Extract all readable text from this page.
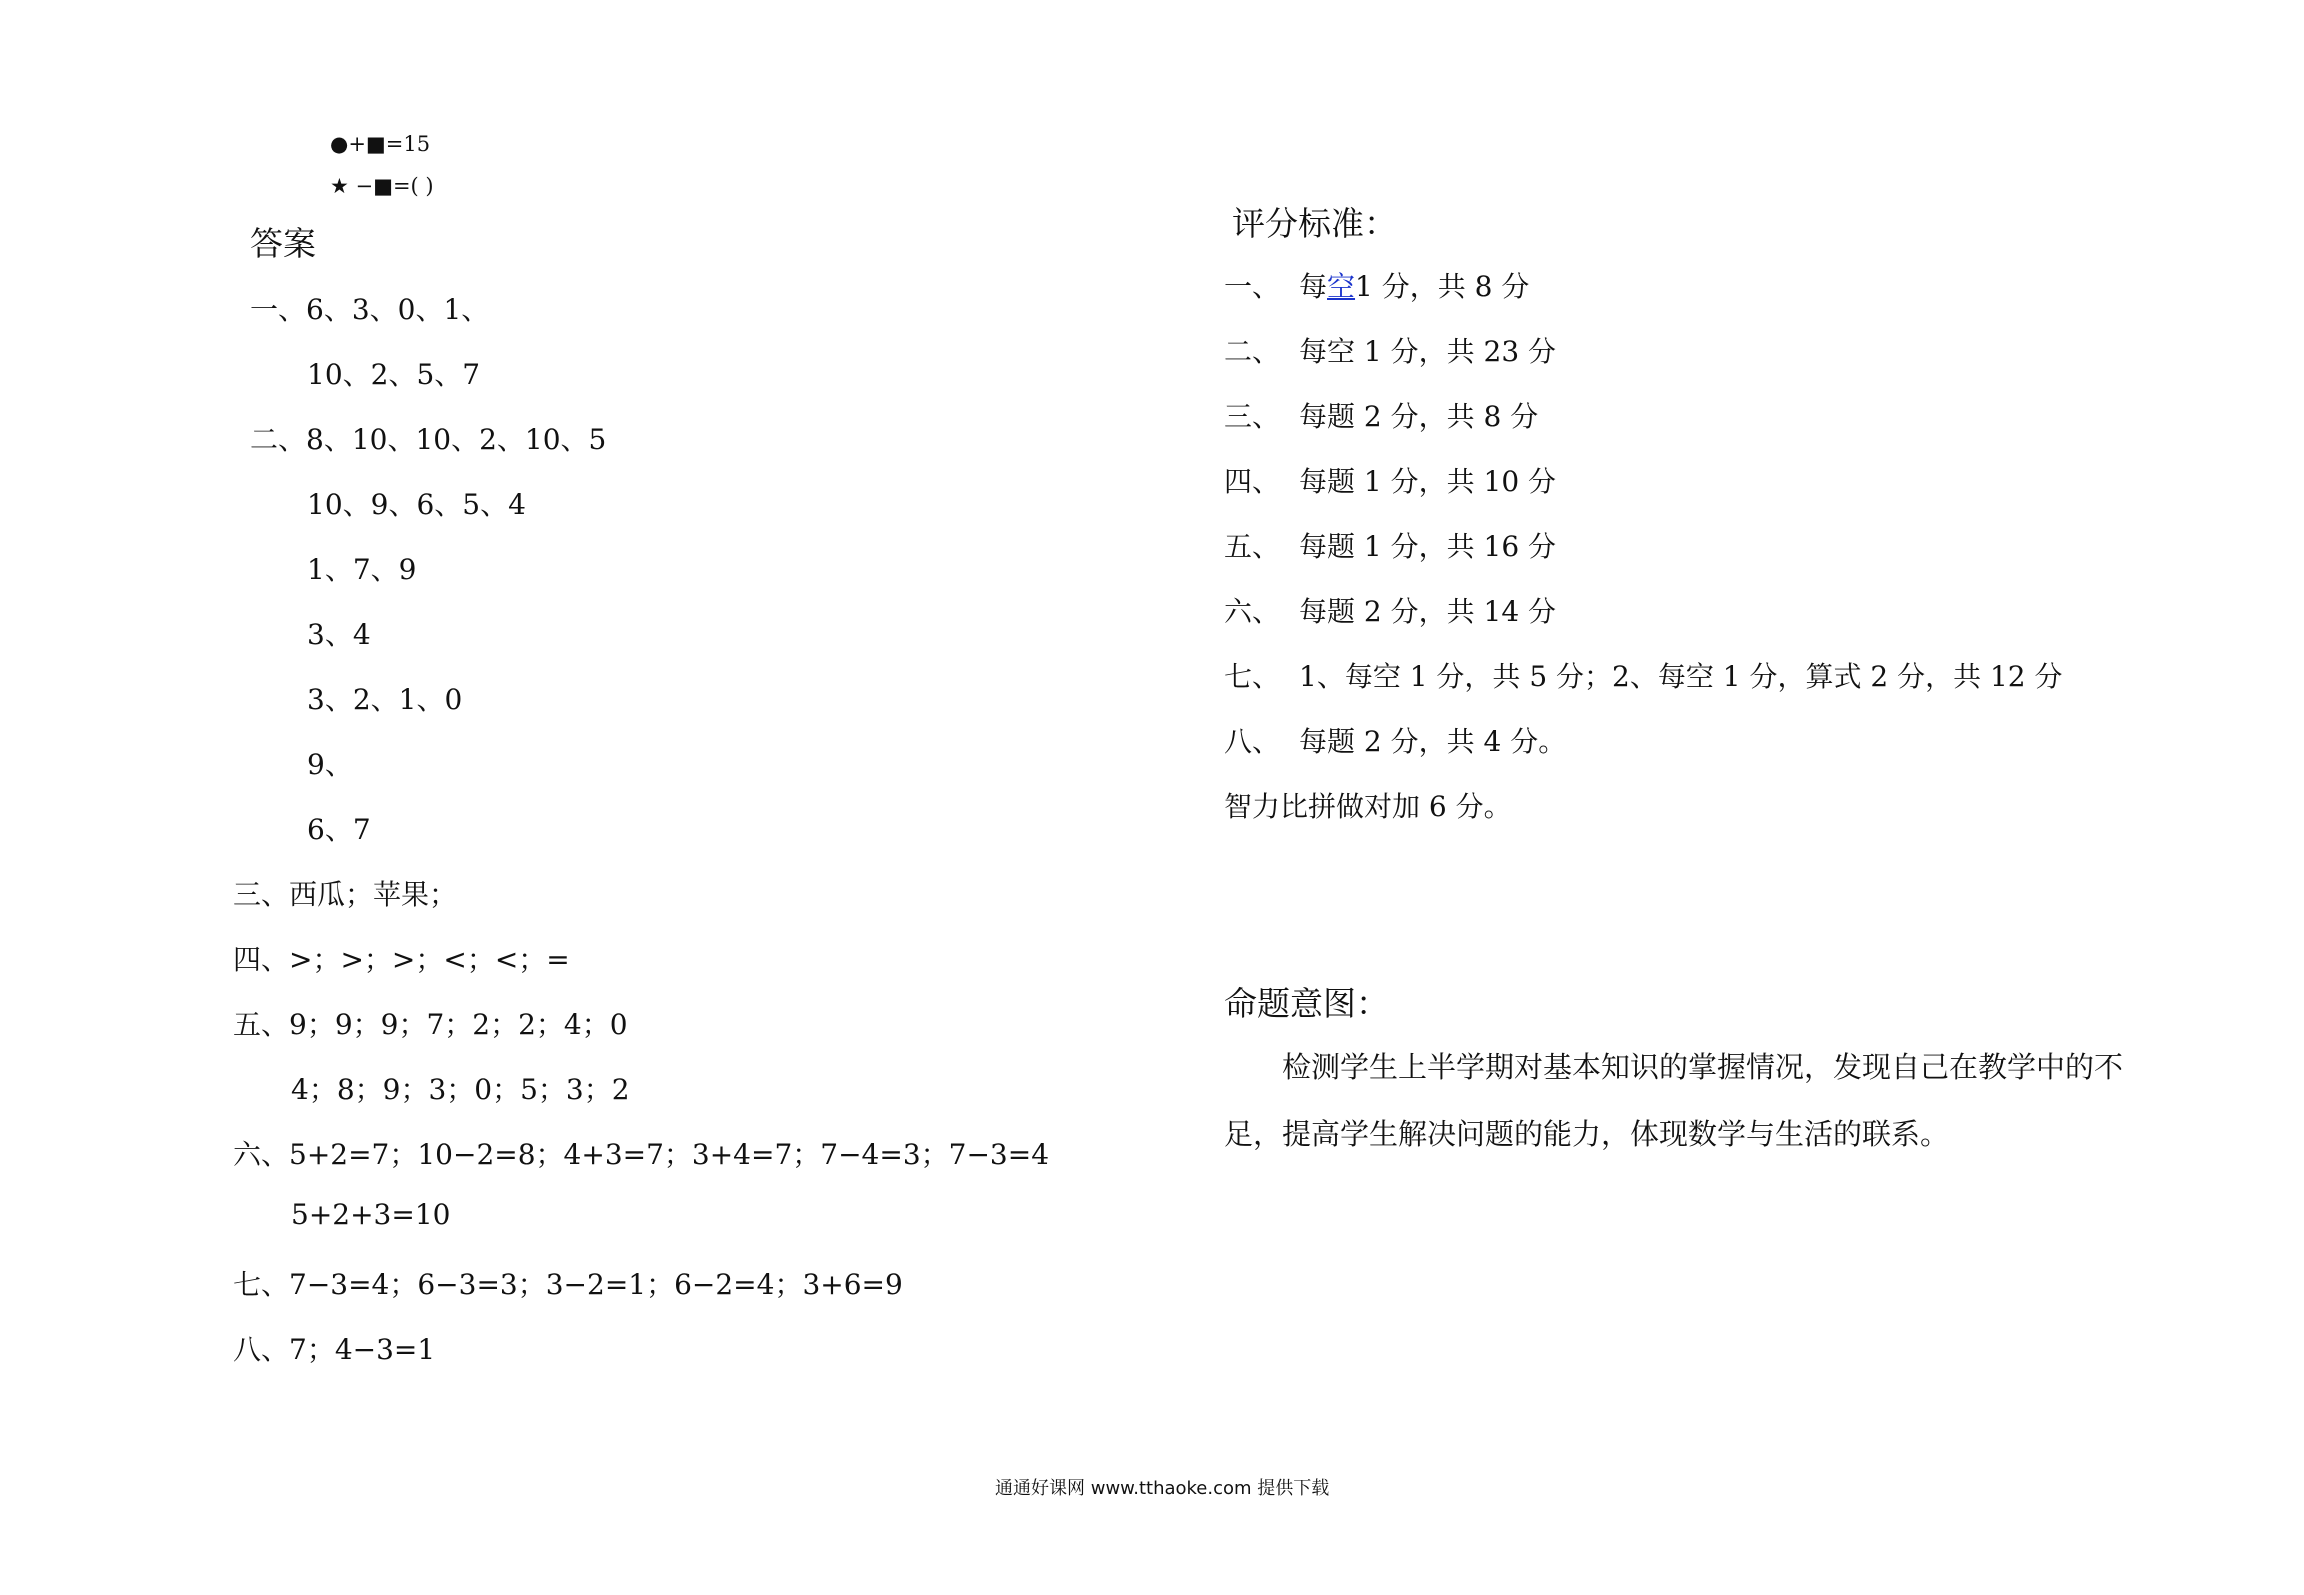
●+■=15
★ −■=( )
答案
一、6、3、0、1、
10、2、5、7
二、8、10、10、2、10、5
10、9、6、5、4
1、7、9
3、4
3、2、1、0
9、
6、7
三、西瓜；苹果；
四、>；>；>；<；<；=
五、9；9；9；7；2；2；4；0
4；8；9；3；0；5；3；2
六、5+2=7；10−2=8；4+3=7；3+4=7；7−4=3；7−3=4
5+2+3=10
七、7−3=4；6−3=3；3−2=1；6−2=4；3+6=9
八、7；4−3=1
评分标准：
一、 每空1 分，共 8 分
二、 每空 1 分，共 23 分
三、 每题 2 分，共 8 分
四、 每题 1 分，共 10 分
五、 每题 1 分，共 16 分
六、 每题 2 分，共 14 分
七、 1、每空 1 分，共 5 分；2、每空 1 分，算式 2 分，共 12 分
八、 每题 2 分，共 4 分。
智力比拼做对加 6 分。
命题意图：
检测学生上半学期对基本知识的掌握情况，发现自己在教学中的不
足，提高学生解决问题的能力，体现数学与生活的联系。
通通好课网 www.tthaoke.com 提供下载
